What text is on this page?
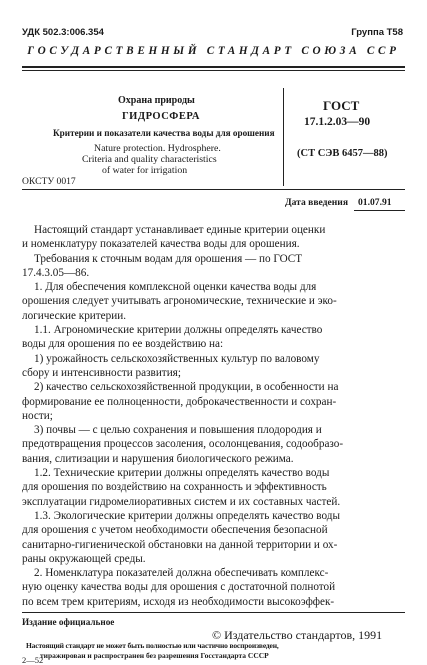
УДК 502.3:006.354	Группа Т58
ГОСУДАРСТВЕННЫЙ СТАНДАРТ СОЮЗА ССР
Охрана природы
ГИДРОСФЕРА
Критерии и показатели качества воды для орошения
Nature protection. Hydrosphere.
Criteria and quality characteristics
of water for irrigation
ГОСТ
17.1.2.03—90
(СТ СЭВ 6457—88)
ОКСТУ 0017
Дата введения 01.07.91
Настоящий стандарт устанавливает единые критерии оценки
и номенклатуру показателей качества воды для орошения.
Требования к сточным водам для орошения — по ГОСТ
17.4.3.05—86.
1. Для обеспечения комплексной оценки качества воды для
орошения следует учитывать агрономические, технические и эко-
логические критерии.
1.1. Агрономические критерии должны определять качество
воды для орошения по ее воздействию на:
1) урожайность сельскохозяйственных культур по валовому
сбору и интенсивности развития;
2) качество сельскохозяйственной продукции, в особенности на
формирование ее полноценности, доброкачественности и сохран-
ности;
3) почвы — с целью сохранения и повышения плодородия и
предотвращения процессов засоления, осолонцевания, содообразо-
вания, слитизации и нарушения биологического режима.
1.2. Технические критерии должны определять качество воды
для орошения по воздействию на сохранность и эффективность
эксплуатации гидромелиоративных систем и их составных частей.
1.3. Экологические критерии должны определять качество воды
для орошения с учетом необходимости обеспечения безопасной
санитарно-гигиенической обстановки на данной территории и ох-
раны окружающей среды.
2. Номенклатура показателей должна обеспечивать комплекс-
ную оценку качества воды для орошения с достаточной полнотой
по всем трем критериям, исходя из необходимости высокоэффек-
Издание официальное
© Издательство стандартов, 1991
Настоящий стандарт не может быть полностью или частично воспроизведен,
тиражирован и распространен без разрешения Госстандарта СССР
2—52
